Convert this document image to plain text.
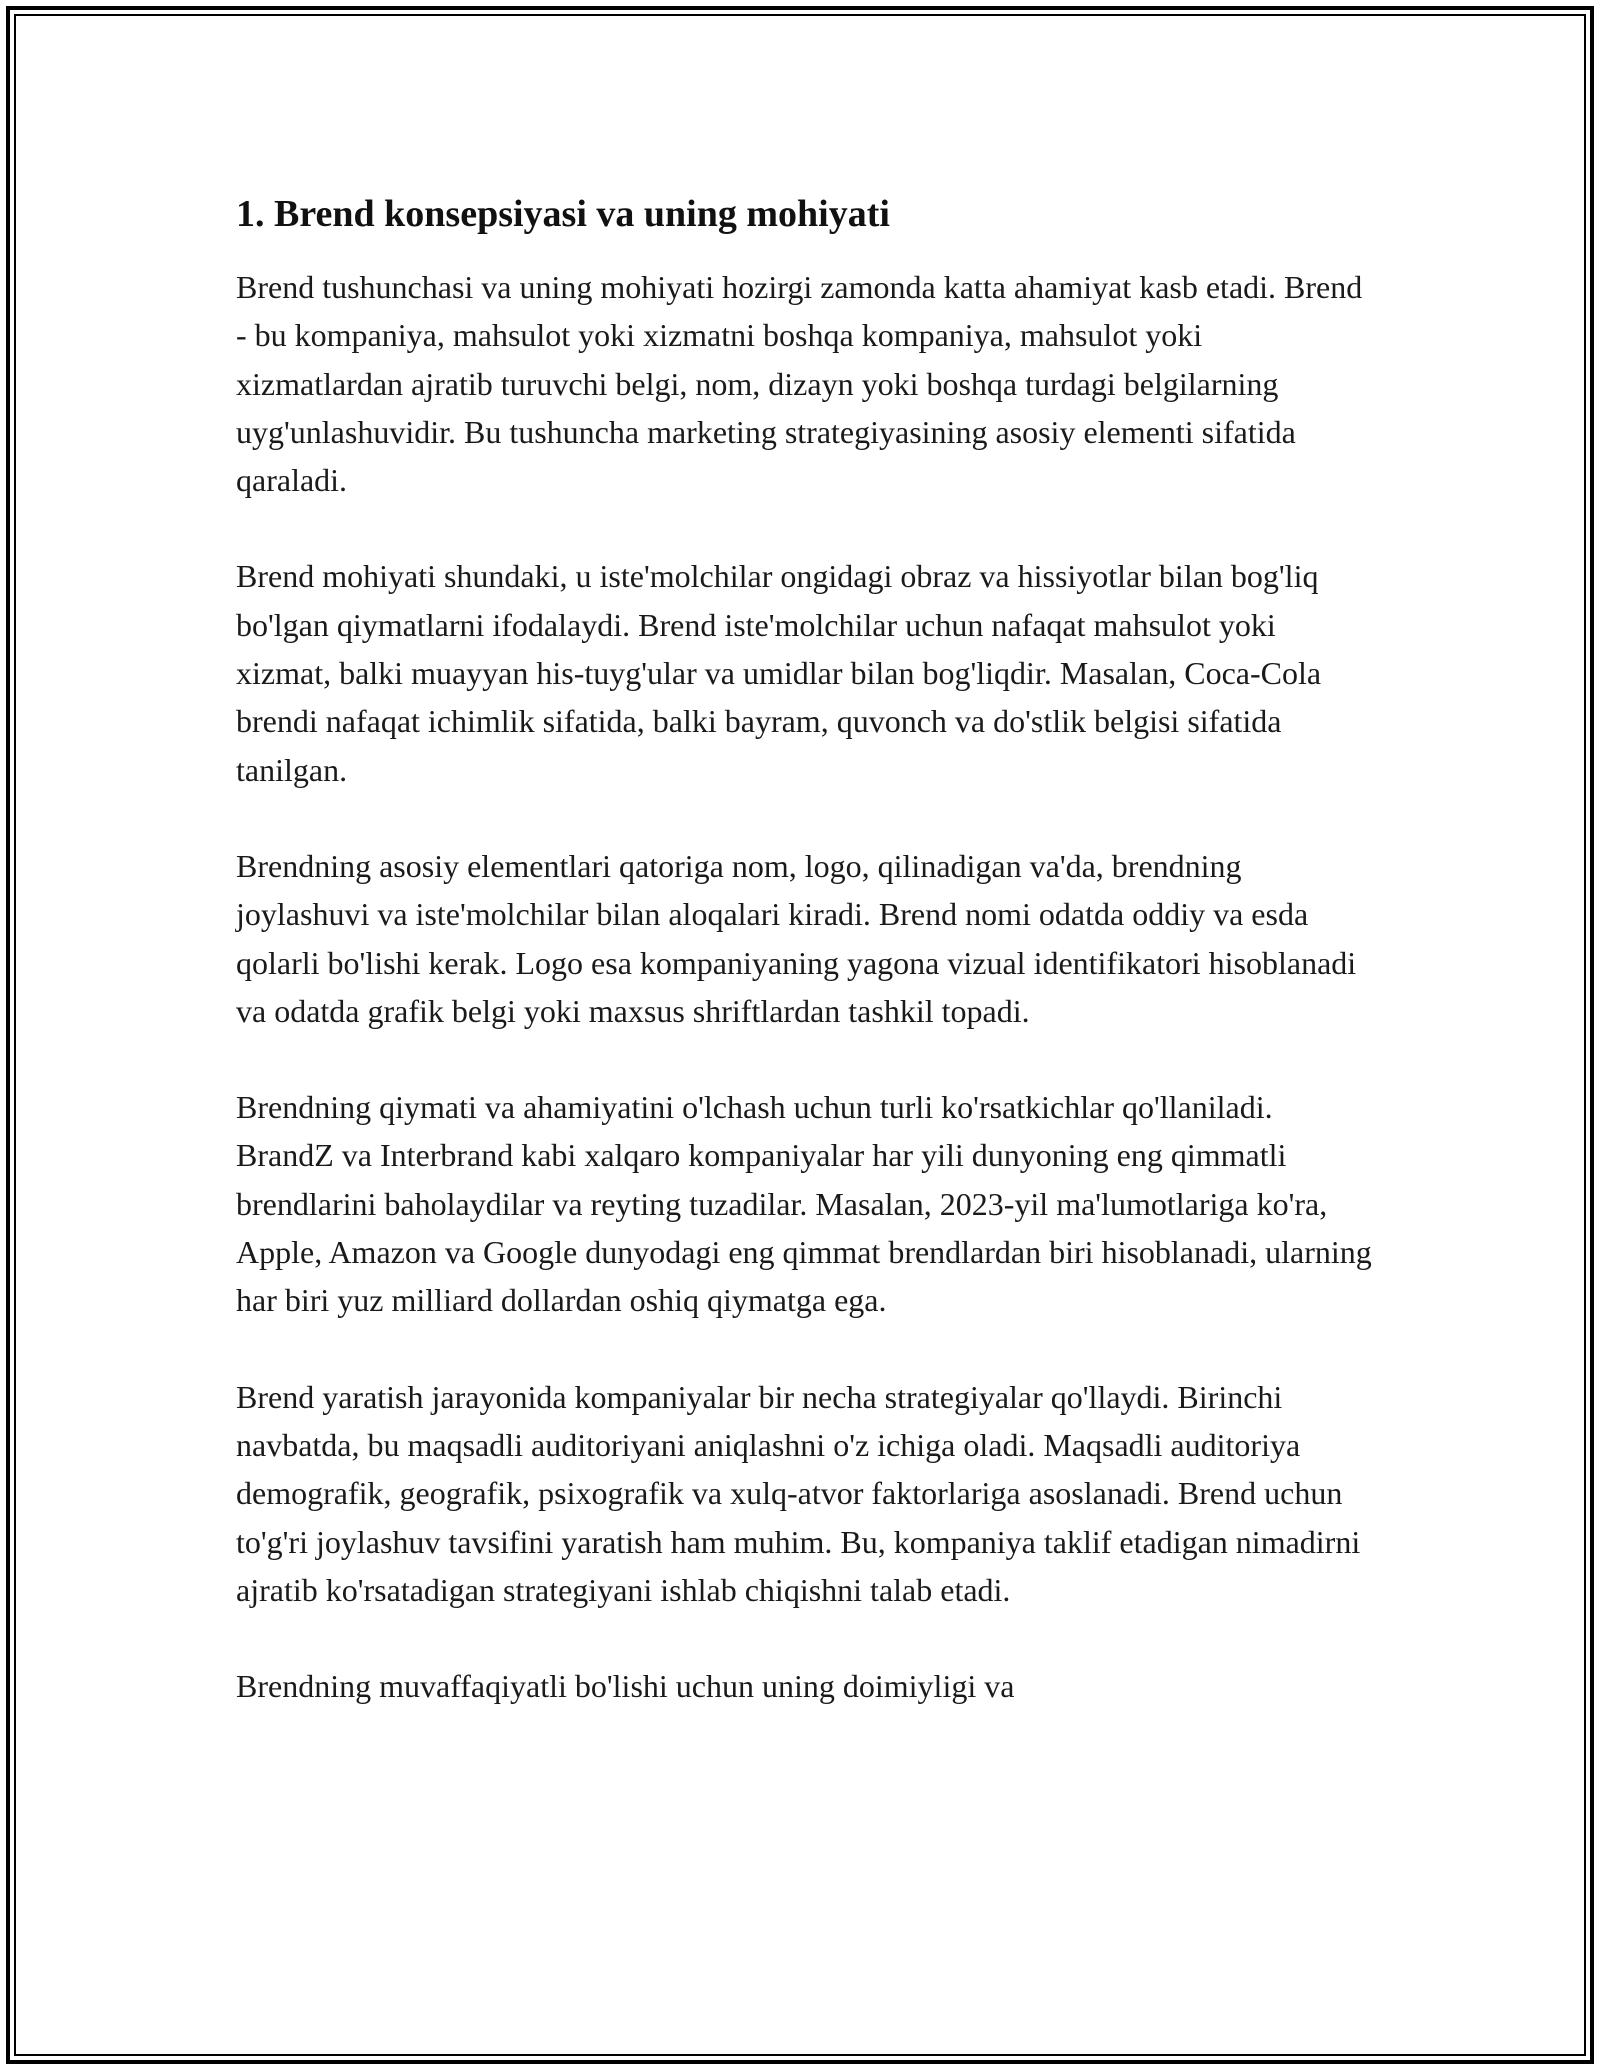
1. Brend konsepsiyasi va uning mohiyati

Brend tushunchasi va uning mohiyati hozirgi zamonda katta ahamiyat kasb etadi. Brend - bu kompaniya, mahsulot yoki xizmatni boshqa kompaniya, mahsulot yoki xizmatlardan ajratib turuvchi belgi, nom, dizayn yoki boshqa turdagi belgilarning uyg'unlashuvidir. Bu tushuncha marketing strategiyasining asosiy elementi sifatida qaraladi.

Brend mohiyati shundaki, u iste'molchilar ongidagi obraz va hissiyotlar bilan bog'liq bo'lgan qiymatlarni ifodalaydi. Brend iste'molchilar uchun nafaqat mahsulot yoki xizmat, balki muayyan his-tuyg'ular va umidlar bilan bog'liqdir. Masalan, Coca-Cola brendi nafaqat ichimlik sifatida, balki bayram, quvonch va do'stlik belgisi sifatida tanilgan.

Brendning asosiy elementlari qatoriga nom, logo, qilinadigan va'da, brendning joylashuvi va iste'molchilar bilan aloqalari kiradi. Brend nomi odatda oddiy va esda qolarli bo'lishi kerak. Logo esa kompaniyaning yagona vizual identifikatori hisoblanadi va odatda grafik belgi yoki maxsus shriftlardan tashkil topadi.

Brendning qiymati va ahamiyatini o'lchash uchun turli ko'rsatkichlar qo'llaniladi. BrandZ va Interbrand kabi xalqaro kompaniyalar har yili dunyoning eng qimmatli brendlarini baholaydilar va reyting tuzadilar. Masalan, 2023-yil ma'lumotlariga ko'ra, Apple, Amazon va Google dunyodagi eng qimmat brendlardan biri hisoblanadi, ularning har biri yuz milliard dollardan oshiq qiymatga ega.

Brend yaratish jarayonida kompaniyalar bir necha strategiyalar qo'llaydi. Birinchi navbatda, bu maqsadli auditoriyani aniqlashni o'z ichiga oladi. Maqsadli auditoriya demografik, geografik, psixografik va xulq-atvor faktorlariga asoslanadi. Brend uchun to'g'ri joylashuv tavsifini yaratish ham muhim. Bu, kompaniya taklif etadigan nimadirni ajratib ko'rsatadigan strategiyani ishlab chiqishni talab etadi.

Brendning muvaffaqiyatli bo'lishi uchun uning doimiyligi va
